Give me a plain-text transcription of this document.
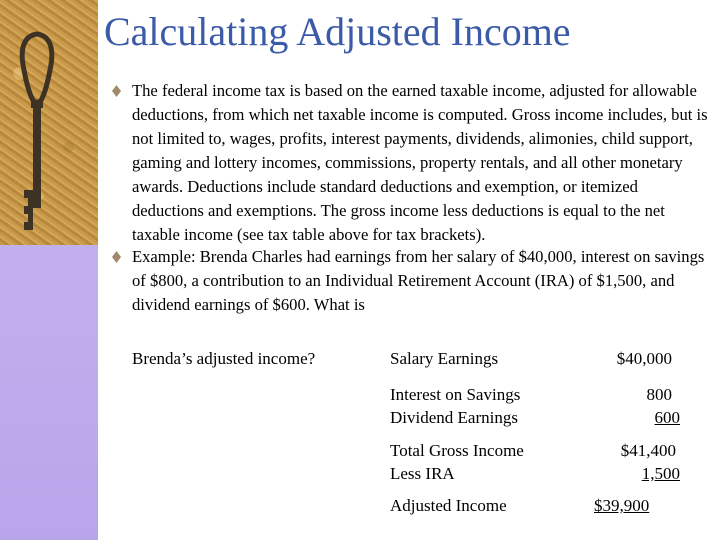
Calculating Adjusted Income
The federal income tax is based on the earned taxable income, adjusted for allowable deductions, from which net taxable income is computed. Gross income includes, but is not limited to, wages, profits, interest payments, dividends, alimonies, child support, gaming and lottery incomes, commissions, property rentals, and all other monetary awards. Deductions include standard deductions and exemption, or itemized deductions and exemptions. The gross income less deductions is equal to the net taxable income (see tax table above for tax brackets).
Example: Brenda Charles had earnings from her salary of $40,000, interest on savings of $800, a contribution to an Individual Retirement Account (IRA) of $1,500, and dividend earnings of $600. What is
Brenda’s adjusted income?	Salary Earnings	$40,000
Interest on Savings	800
Dividend Earnings	600
Total Gross Income	$41,400
Less IRA	1,500
Adjusted Income	$39,900
